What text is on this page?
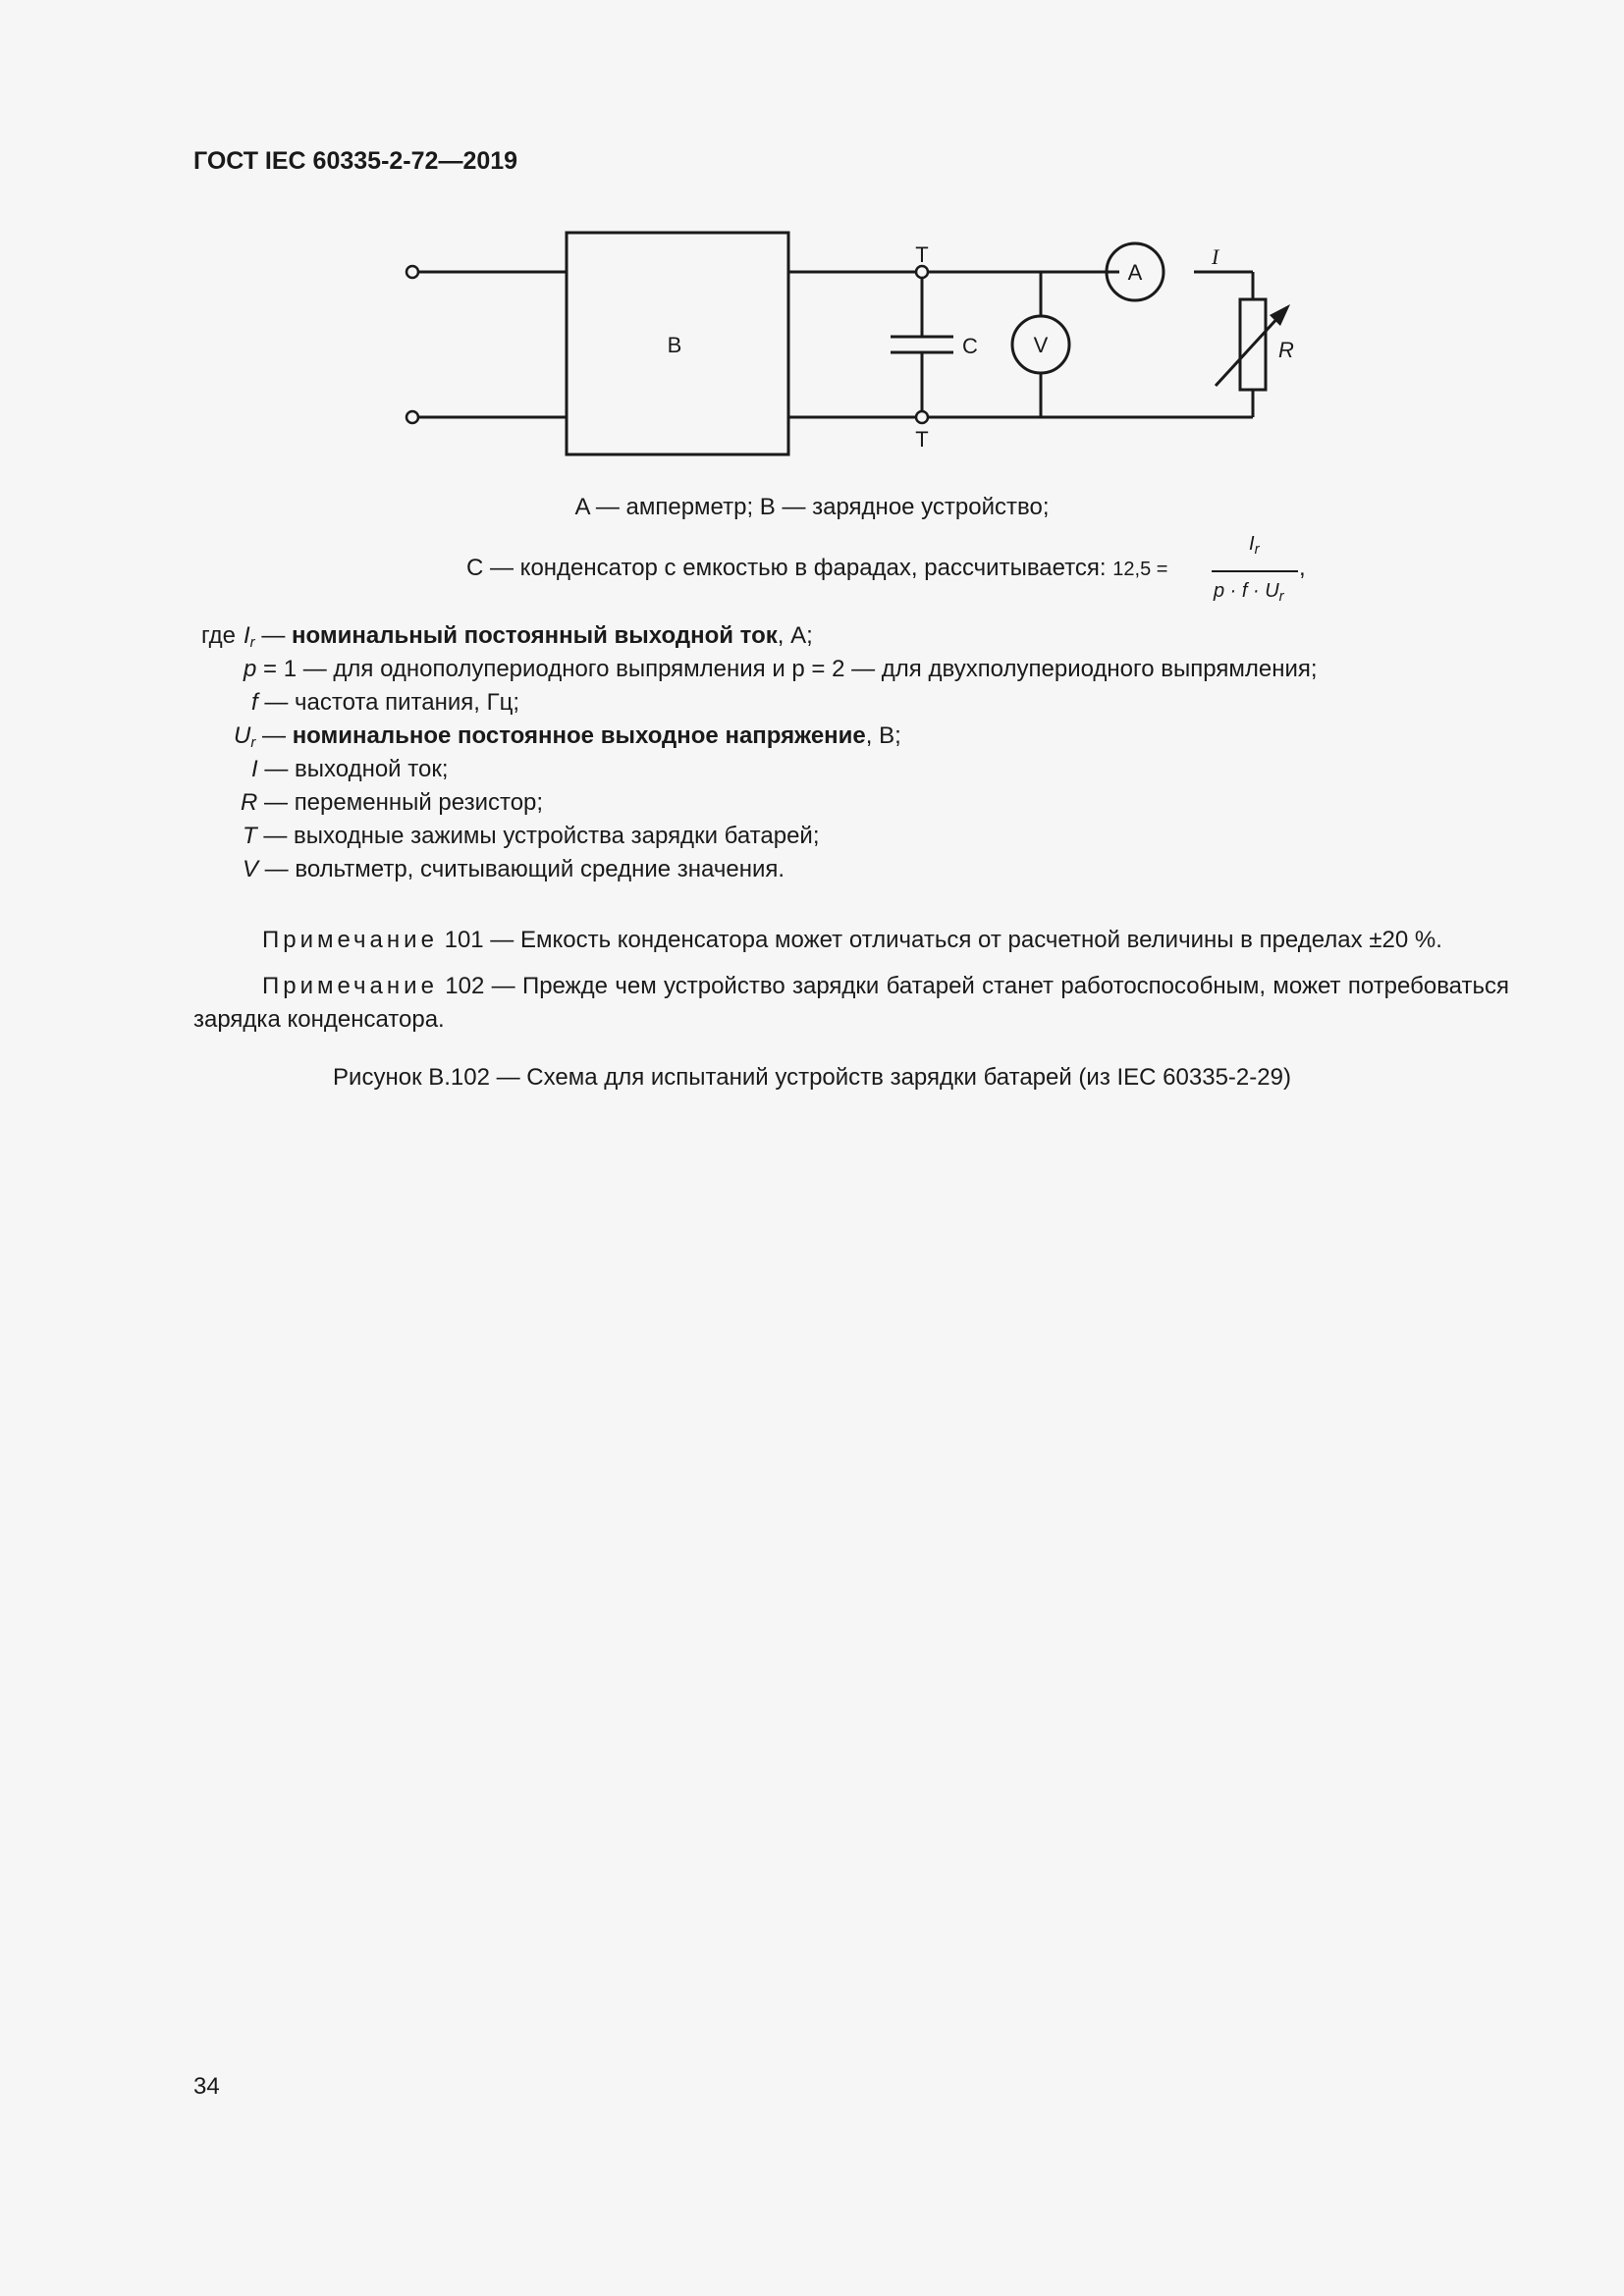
ГОСТ IEC 60335-2-72—2019
B
T
T
C	V
A
I
R
A — амперметр; B — зарядное устройство;
C — конденсатор с емкостью в фарадах, рассчитывается: 12,5 =
$I_r$
$p \cdot f \cdot U_r$
,
где $I_r$ — номинальный постоянный выходной ток, А;
p = 1 — для однополупериодного выпрямления и p = 2 — для двухполупериодного выпрямления;
f — частота питания, Гц;
$U_r$ — номинальное постоянное выходное напряжение, В;
I — выходной ток;
R — переменный резистор;
T — выходные зажимы устройства зарядки батарей;
V — вольтметр, считывающий средние значения.
Примечание 101 — Емкость конденсатора может отличаться от расчетной величины в пределах ±20 %.
Примечание 102 — Прежде чем устройство зарядки батарей станет работоспособным, может потребоваться зарядка конденсатора.
Рисунок B.102 — Схема для испытаний устройств зарядки батарей (из IEC 60335-2-29)
34
